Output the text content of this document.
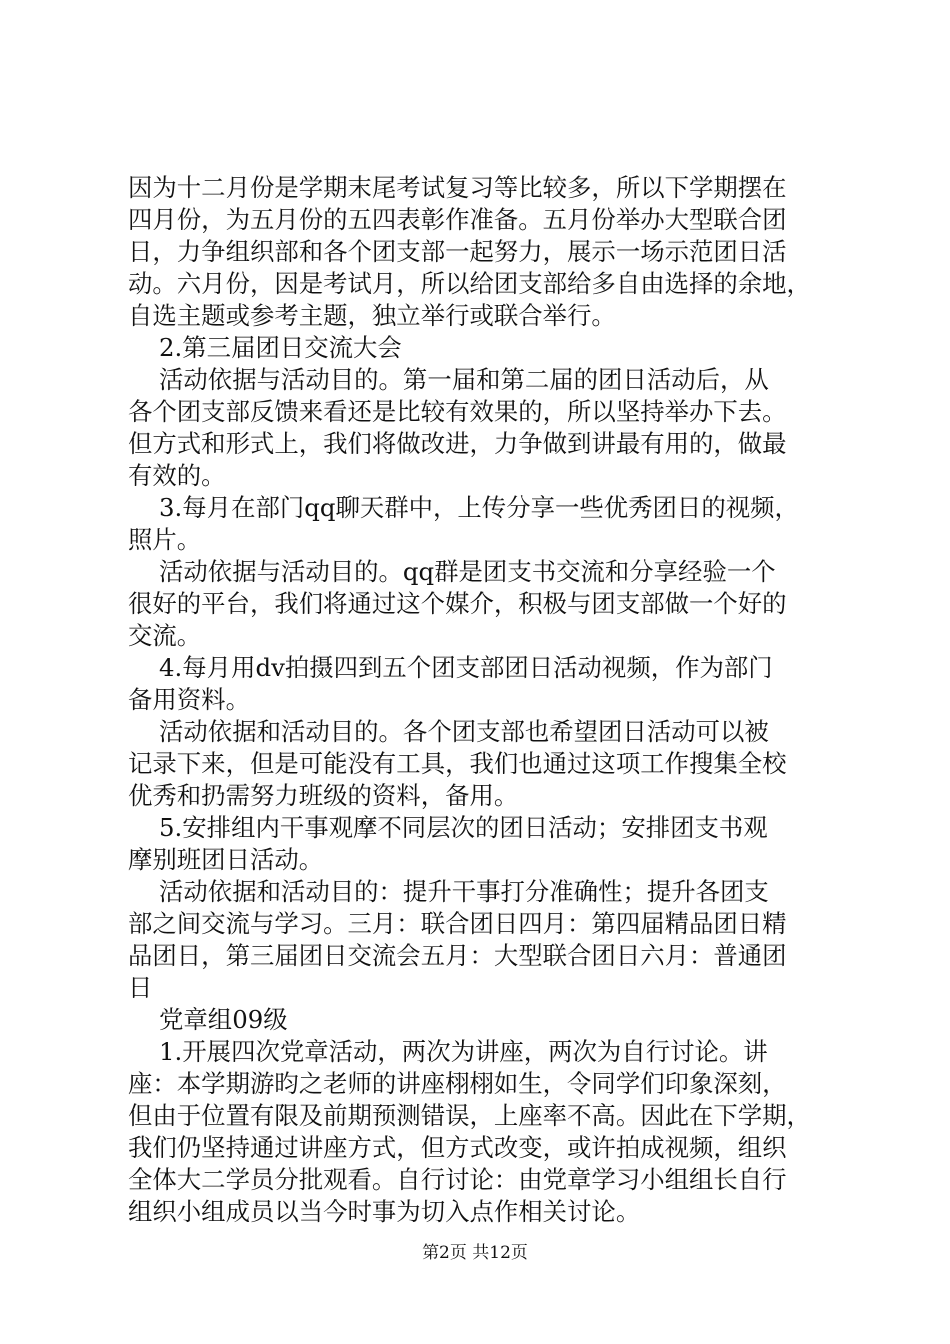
因为十二月份是学期末尾考试复习等比较多，所以下学期摆在

四月份，为五月份的五四表彰作准备。五月份举办大型联合团

日，力争组织部和各个团支部一起努力，展示一场示范团日活

动。六月份，因是考试月，所以给团支部给多自由选择的余地，

自选主题或参考主题，独立举行或联合举行。

2.第三届团日交流大会

活动依据与活动目的。第一届和第二届的团日活动后，从

各个团支部反馈来看还是比较有效果的，所以坚持举办下去。

但方式和形式上，我们将做改进，力争做到讲最有用的，做最

有效的。

3.每月在部门qq聊天群中，上传分享一些优秀团日的视频，

照片。

活动依据与活动目的。qq群是团支书交流和分享经验一个

很好的平台，我们将通过这个媒介，积极与团支部做一个好的

交流。

4.每月用dv拍摄四到五个团支部团日活动视频，作为部门

备用资料。

活动依据和活动目的。各个团支部也希望团日活动可以被

记录下来，但是可能没有工具，我们也通过这项工作搜集全校

优秀和扔需努力班级的资料，备用。

5.安排组内干事观摩不同层次的团日活动；安排团支书观

摩别班团日活动。

活动依据和活动目的：提升干事打分准确性；提升各团支

部之间交流与学习。三月：联合团日四月：第四届精品团日精

品团日，第三届团日交流会五月：大型联合团日六月：普通团

日

党章组09级

1.开展四次党章活动，两次为讲座，两次为自行讨论。讲

座：本学期游昀之老师的讲座栩栩如生，令同学们印象深刻，

但由于位置有限及前期预测错误，上座率不高。因此在下学期，

我们仍坚持通过讲座方式，但方式改变，或许拍成视频，组织

全体大二学员分批观看。自行讨论：由党章学习小组组长自行

组织小组成员以当今时事为切入点作相关讨论。

第2页 共12页
